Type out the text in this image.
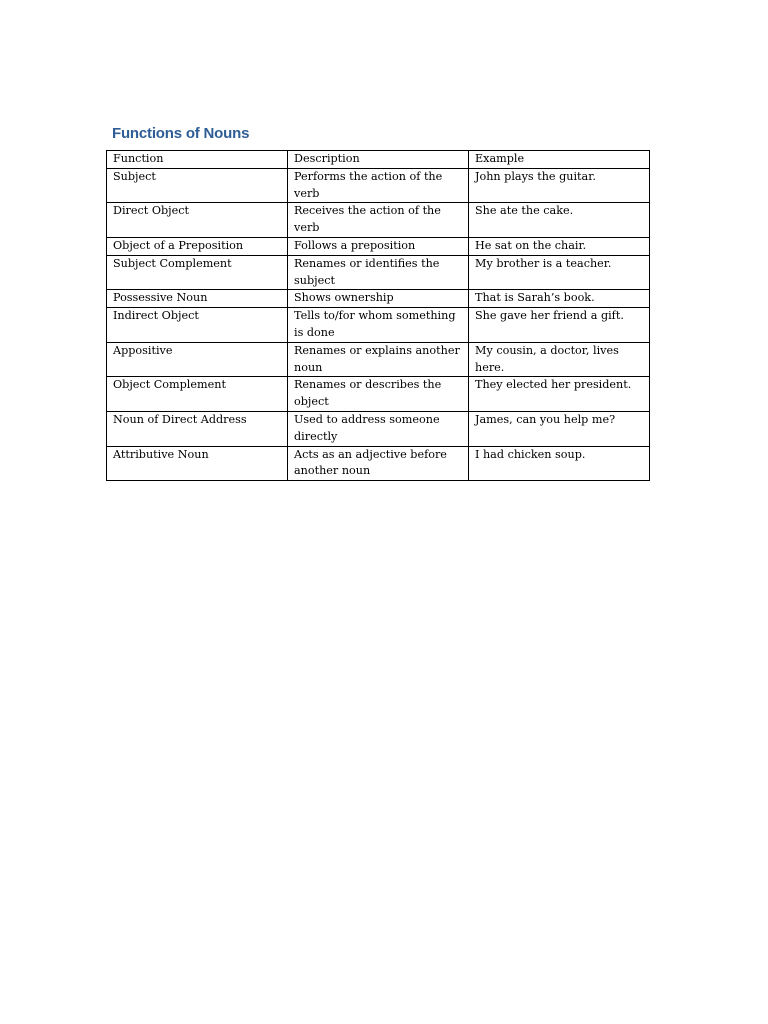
Functions of Nouns
Function	Description	Example
Subject	Performs the action of the verb	John plays the guitar.
Direct Object	Receives the action of the verb	She ate the cake.
Object of a Preposition	Follows a preposition	He sat on the chair.
Subject Complement	Renames or identifies the subject	My brother is a teacher.
Possessive Noun	Shows ownership	That is Sarah’s book.
Indirect Object	Tells to/for whom something is done	She gave her friend a gift.
Appositive	Renames or explains another noun	My cousin, a doctor, lives here.
Object Complement	Renames or describes the object	They elected her president.
Noun of Direct Address	Used to address someone directly	James, can you help me?
Attributive Noun	Acts as an adjective before another noun	I had chicken soup.
